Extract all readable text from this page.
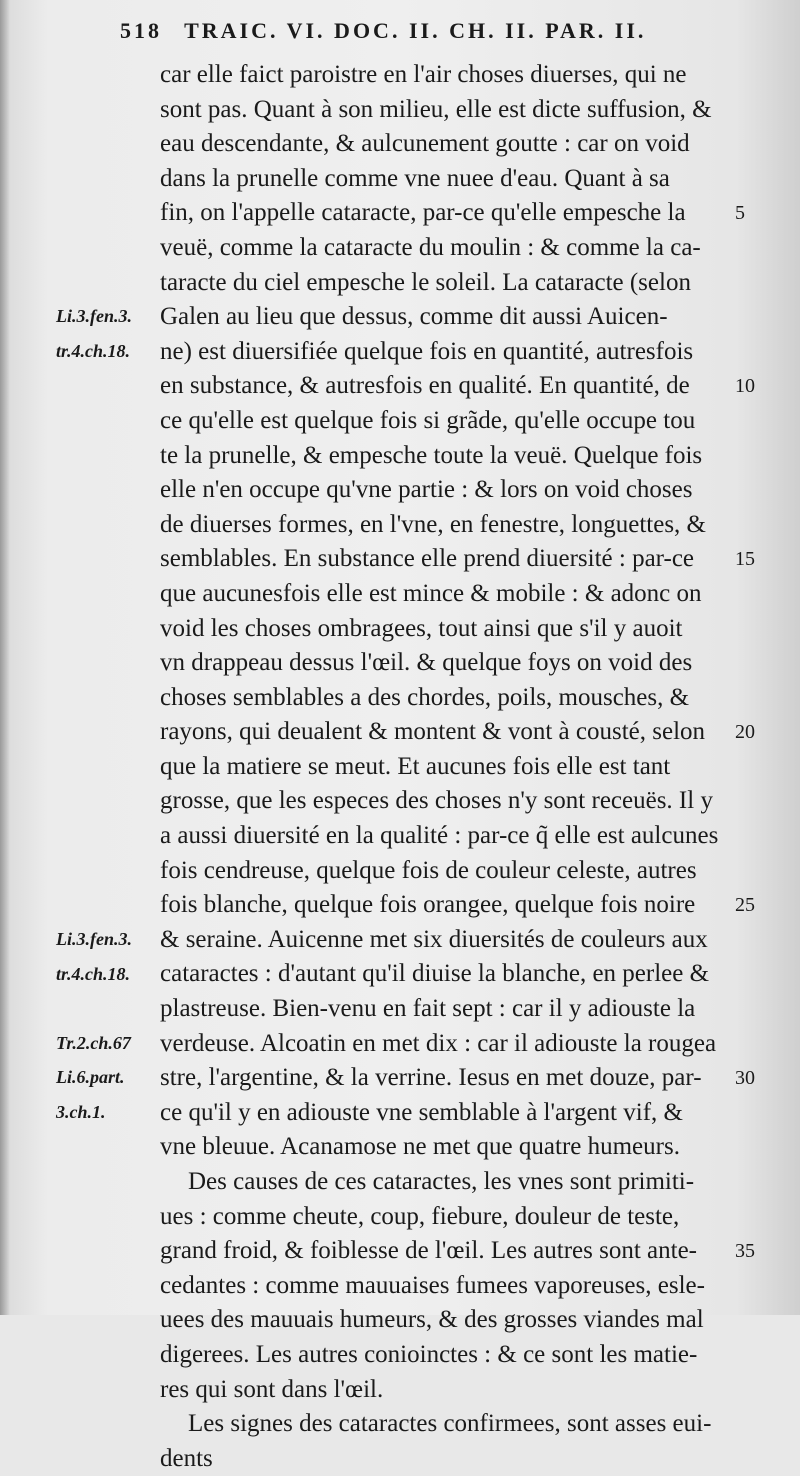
518 TRAIC. VI. DOC. II. CH. II. PAR. II.
Li.3.fen.3.
tr.4.ch.18.
Li.3.fen.3.
tr.4.ch.18.
Tr.2.ch.67
Li.6.part.
3.ch.1.
car elle faict paroistre en l'air choses diuerses, qui ne
sont pas. Quant à son milieu, elle est dicte suffusion, &
eau descendante, & aulcunement goutte : car on void
dans la prunelle comme vne nuee d'eau. Quant à sa
fin, on l'appelle cataracte, par-ce qu'elle empesche la
veuë, comme la cataracte du moulin : & comme la ca-
taracte du ciel empesche le soleil. La cataracte (selon
Galen au lieu que dessus, comme dit aussi Auicen-
ne) est diuersifiée quelque fois en quantité, autresfois
en substance, & autresfois en qualité. En quantité, de
ce qu'elle est quelque fois si grãde, qu'elle occupe tou
te la prunelle, & empesche toute la veuë. Quelque fois
elle n'en occupe qu'vne partie : & lors on void choses
de diuerses formes, en l'vne, en fenestre, longuettes, &
semblables. En substance elle prend diuersité : par-ce
que aucunesfois elle est mince & mobile : & adonc on
void les choses ombragees, tout ainsi que s'il y auoit
vn drappeau dessus l'œil. & quelque foys on void des
choses semblables a des chordes, poils, mousches, &
rayons, qui deualent & montent & vont à cousté, selon
que la matiere se meut. Et aucunes fois elle est tant
grosse, que les especes des choses n'y sont receuës. Il y
a aussi diuersité en la qualité : par-ce q̃ elle est aulcunes
fois cendreuse, quelque fois de couleur celeste, autres
fois blanche, quelque fois orangee, quelque fois noire
& seraine. Auicenne met six diuersités de couleurs aux
cataractes : d'autant qu'il diuise la blanche, en perlee &
plastreuse. Bien-venu en fait sept : car il y adiouste la
verdeuse. Alcoatin en met dix : car il adiouste la rougea
stre, l'argentine, & la verrine. Iesus en met douze, par-
ce qu'il y en adiouste vne semblable à l'argent vif, &
vne bleuue. Acanamose ne met que quatre humeurs.
Des causes de ces cataractes, les vnes sont primiti-
ues : comme cheute, coup, fiebure, douleur de teste,
grand froid, & foiblesse de l'œil. Les autres sont ante-
cedantes : comme mauuaises fumees vaporeuses, esle-
uees des mauuais humeurs, & des grosses viandes mal
digerees. Les autres conioinctes : & ce sont les matie-
res qui sont dans l'œil.
Les signes des cataractes confirmees, sont asses eui-
dents
5
10
15
20
25
30
35
